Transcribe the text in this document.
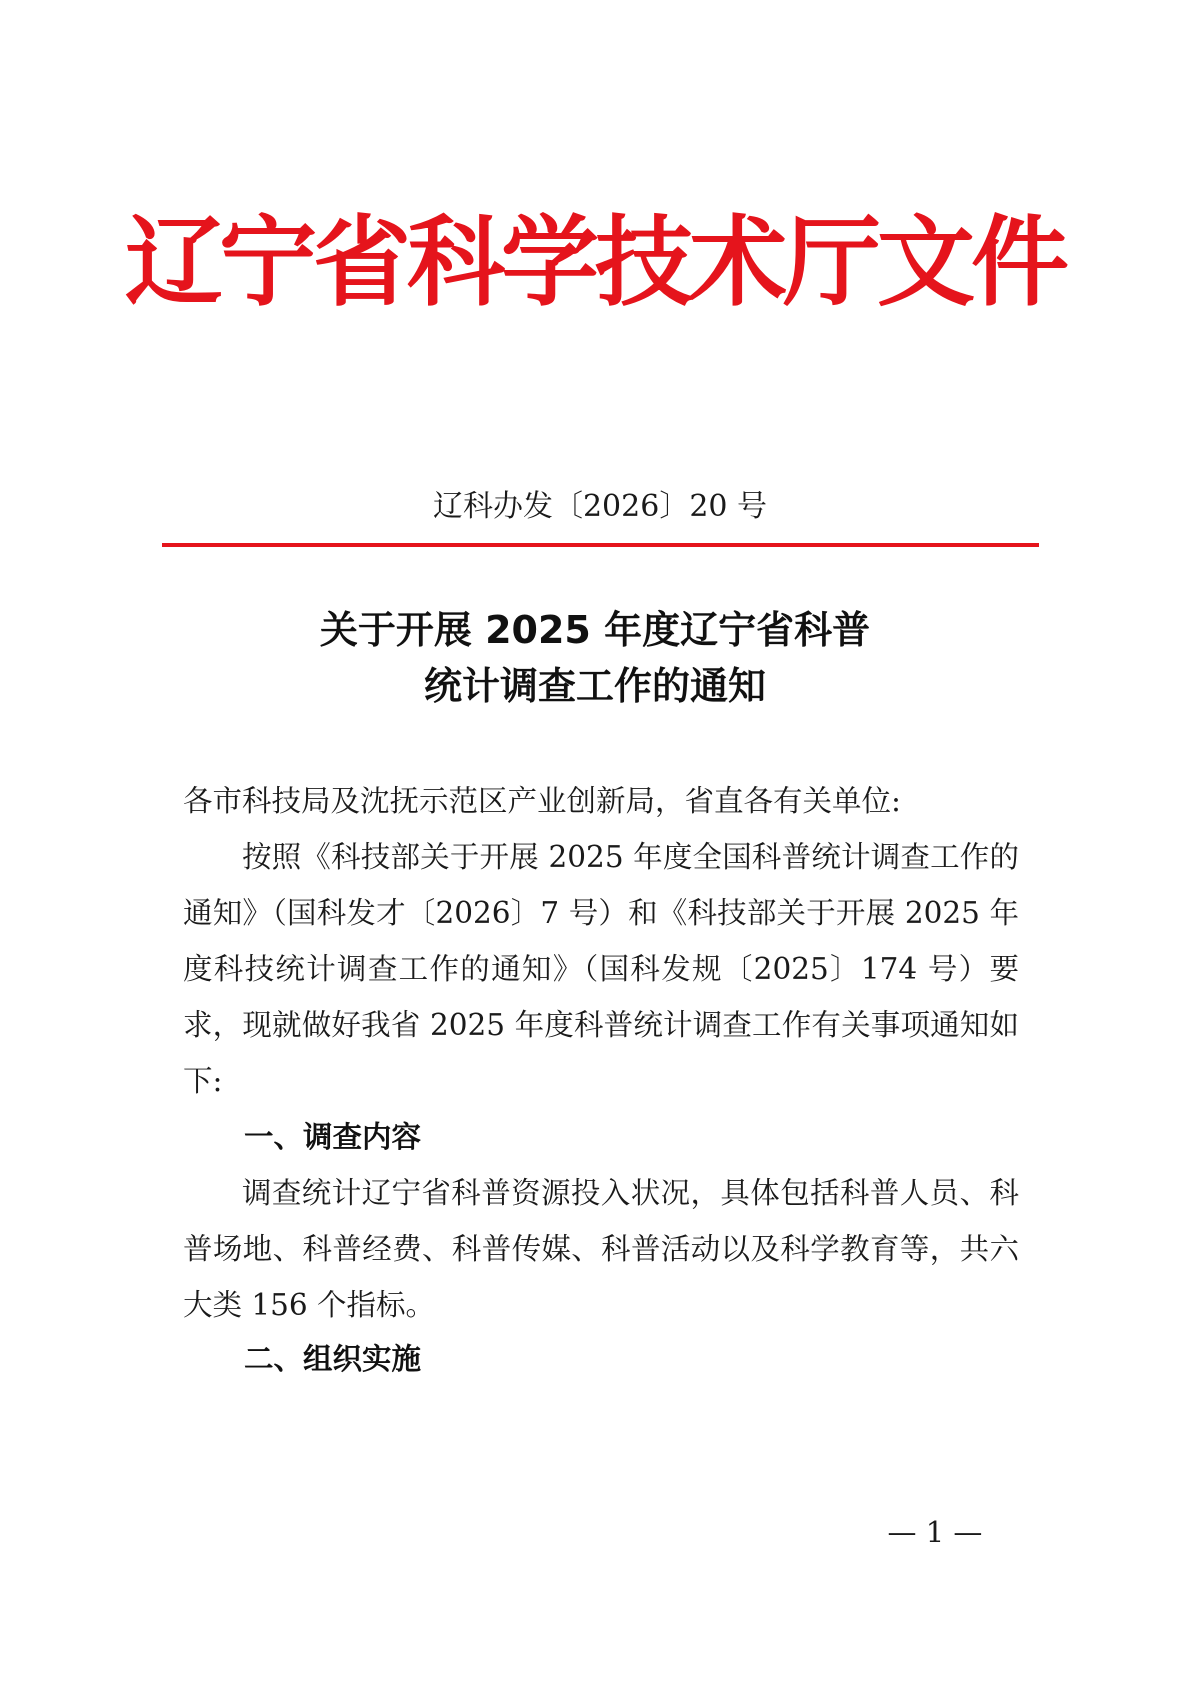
辽宁省科学技术厅文件
辽科办发〔2026〕20 号
关于开展 2025 年度辽宁省科普
统计调查工作的通知
各市科技局及沈抚示范区产业创新局，省直各有关单位:
按照《科技部关于开展 2025 年度全国科普统计调查工作的通知》（国科发才〔2026〕7 号）和《科技部关于开展 2025 年度科技统计调查工作的通知》（国科发规〔2025〕174 号）要求，现就做好我省 2025 年度科普统计调查工作有关事项通知如下:
一、调查内容
调查统计辽宁省科普资源投入状况，具体包括科普人员、科普场地、科普经费、科普传媒、科普活动以及科学教育等，共六大类 156 个指标。
二、组织实施
— 1 —
